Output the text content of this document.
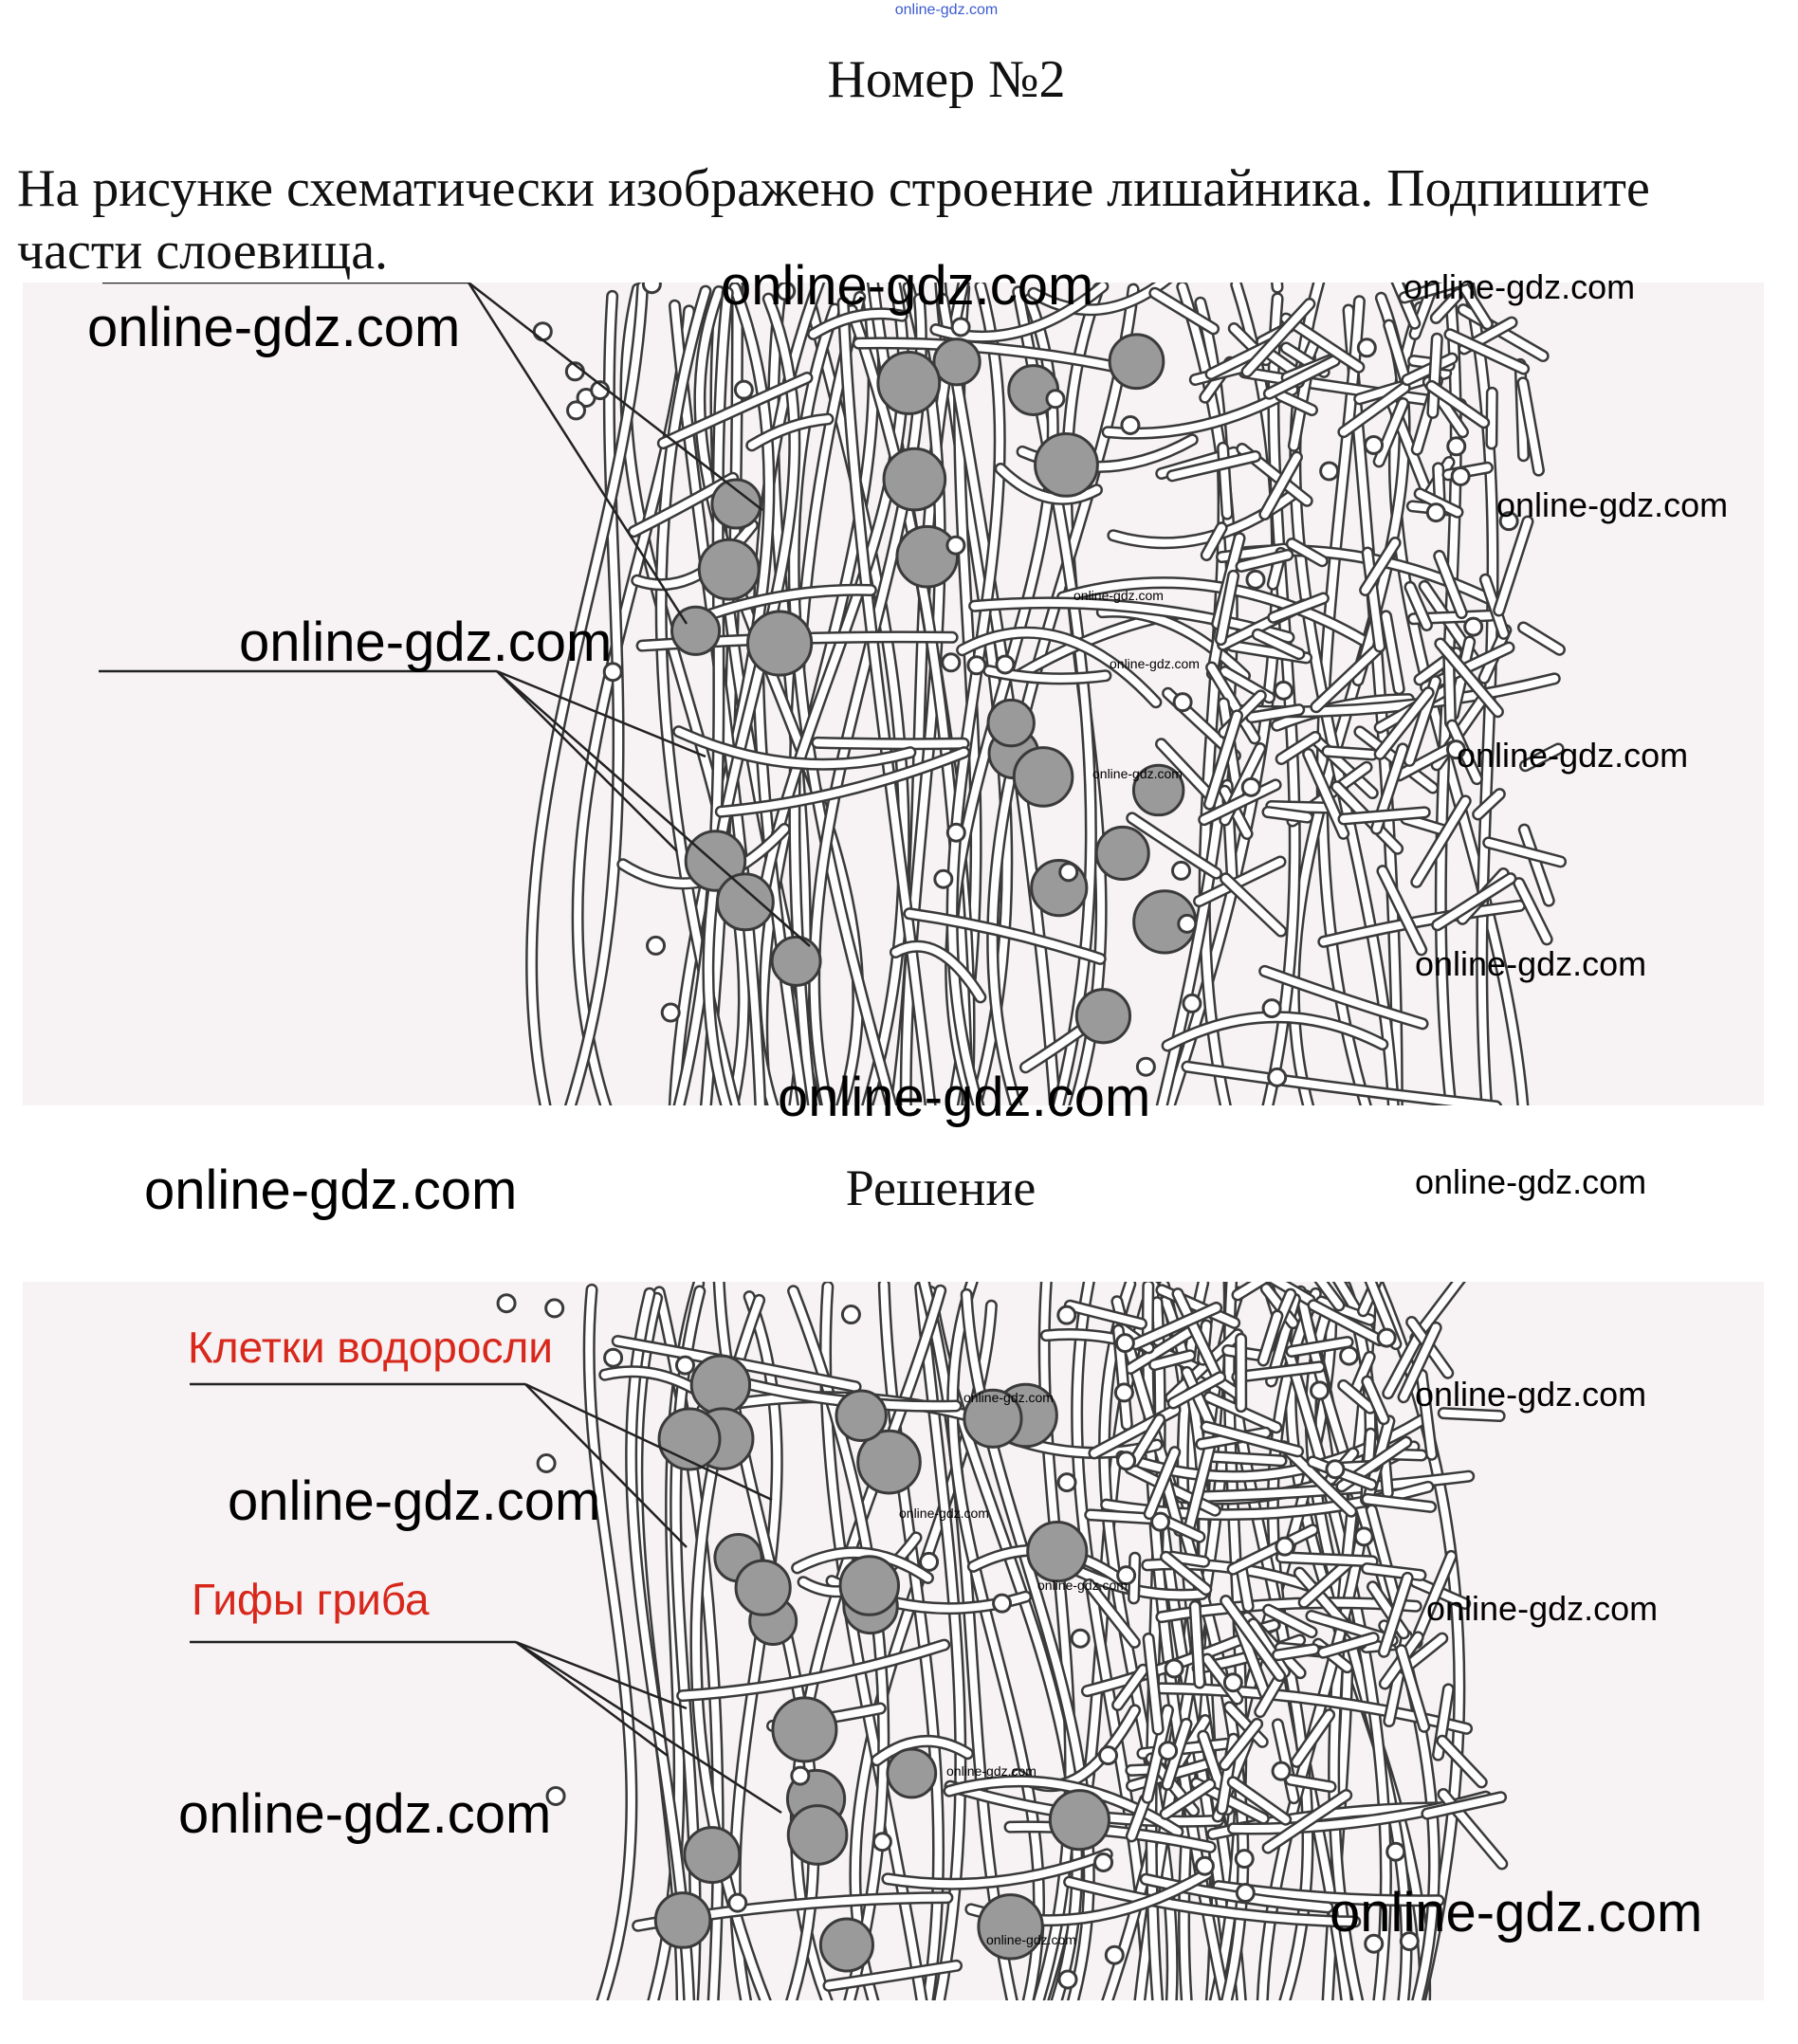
online-gdz.com
Номер №2
На рисунке схематически изображено строение лишайника. Подпишите части слоевища.
online-gdz.com
online-gdz.com	online-gdz.com
online-gdz.com
online-gdz.com
online-gdz.com
online-gdz.com
online-gdz.com	online-gdz.com
online-gdz.com
online-gdz.com
online-gdz.com	Решение	online-gdz.com
Клетки водоросли
Гифы гриба
online-gdz.com
online-gdz.com
online-gdz.com
online-gdz.com
online-gdz.com
online-gdz.com
online-gdz.com
online-gdz.com
online-gdz.com
online-gdz.com
